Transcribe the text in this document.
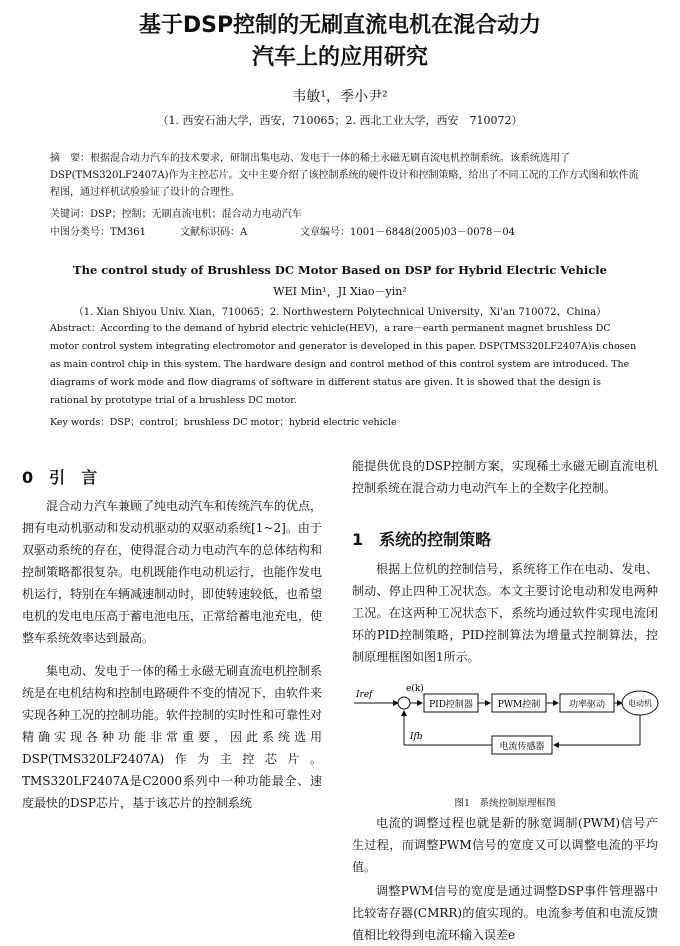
基于DSP控制的无刷直流电机在混合动力
汽车上的应用研究
韦敏¹，季小尹²
（1. 西安石油大学，西安，710065；2. 西北工业大学，西安　710072）
摘　要：根据混合动力汽车的技术要求，研制出集电动、发电于一体的稀土永磁无刷直流电机控制系统。该系统选用了DSP(TMS320LF2407A)作为主控芯片。文中主要介绍了该控制系统的硬件设计和控制策略，给出了不同工况的工作方式图和软件流程图，通过样机试验验证了设计的合理性。
关键词：DSP；控制；无刷直流电机；混合动力电动汽车
中图分类号：TM361	文献标识码：A	文章编号：1001－6848(2005)03－0078－04
The control study of Brushless DC Motor Based on DSP for Hybrid Electric Vehicle
WEI Min¹，JI Xiao－yin²
（1. Xian Shiyou Univ. Xian，710065；2. Northwestern Polytechnical University，Xi'an 710072，China）
Abstract：According to the demand of hybrid electric vehicle(HEV)，a rare－earth permanent magnet brushless DC motor control system integrating electromotor and generator is developed in this paper. DSP(TMS320LF2407A)is chosen as main control chip in this system. The hardware design and control method of this control system are introduced. The diagrams of work mode and flow diagrams of software in different status are given. It is showed that the design is rational by prototype trial of a brushless DC motor.
Key words：DSP；control；brushless DC motor；hybrid electric vehicle
0　引　言
混合动力汽车兼顾了纯电动汽车和传统汽车的优点，拥有电动机驱动和发动机驱动的双驱动系统[1~2]。由于双驱动系统的存在，使得混合动力电动汽车的总体结构和控制策略都很复杂。电机既能作电动机运行，也能作发电机运行，特别在车辆减速制动时，即使转速较低，也希望电机的发电电压高于蓄电池电压，正常给蓄电池充电，使整车系统效率达到最高。
集电动、发电于一体的稀土永磁无刷直流电机控制系统是在电机结构和控制电路硬件不变的情况下，由软件来实现各种工况的控制功能。软件控制的实时性和可靠性对精确实现各种功能非常重要，因此系统选用DSP(TMS320LF2407A)作为主控芯片。TMS320LF2407A是C2000系列中一种功能最全、速度最快的DSP芯片，基于该芯片的控制系统
能提供优良的DSP控制方案，实现稀土永磁无刷直流电机控制系统在混合动力电动汽车上的全数字化控制。
1　系统的控制策略
根据上位机的控制信号，系统将工作在电动、发电、制动、停止四种工况状态。本文主要讨论电动和发电两种工况。在这两种工况状态下，系统均通过软件实现电流闭环的PID控制策略，PID控制算法为增量式控制算法，控制原理框图如图1所示。
Iref
e(k)
PID控制器	PWM控制	功率驱动	电动机
电流传感器
Ifb
图1　系统控制原理框图
电流的调整过程也就是新的脉宽调制(PWM)信号产生过程，而调整PWM信号的宽度又可以调整电流的平均值。
调整PWM信号的宽度是通过调整DSP事件管理器中比较寄存器(CMRR)的值实现的。电流参考值和电流反馈值相比较得到电流环输入误差e
